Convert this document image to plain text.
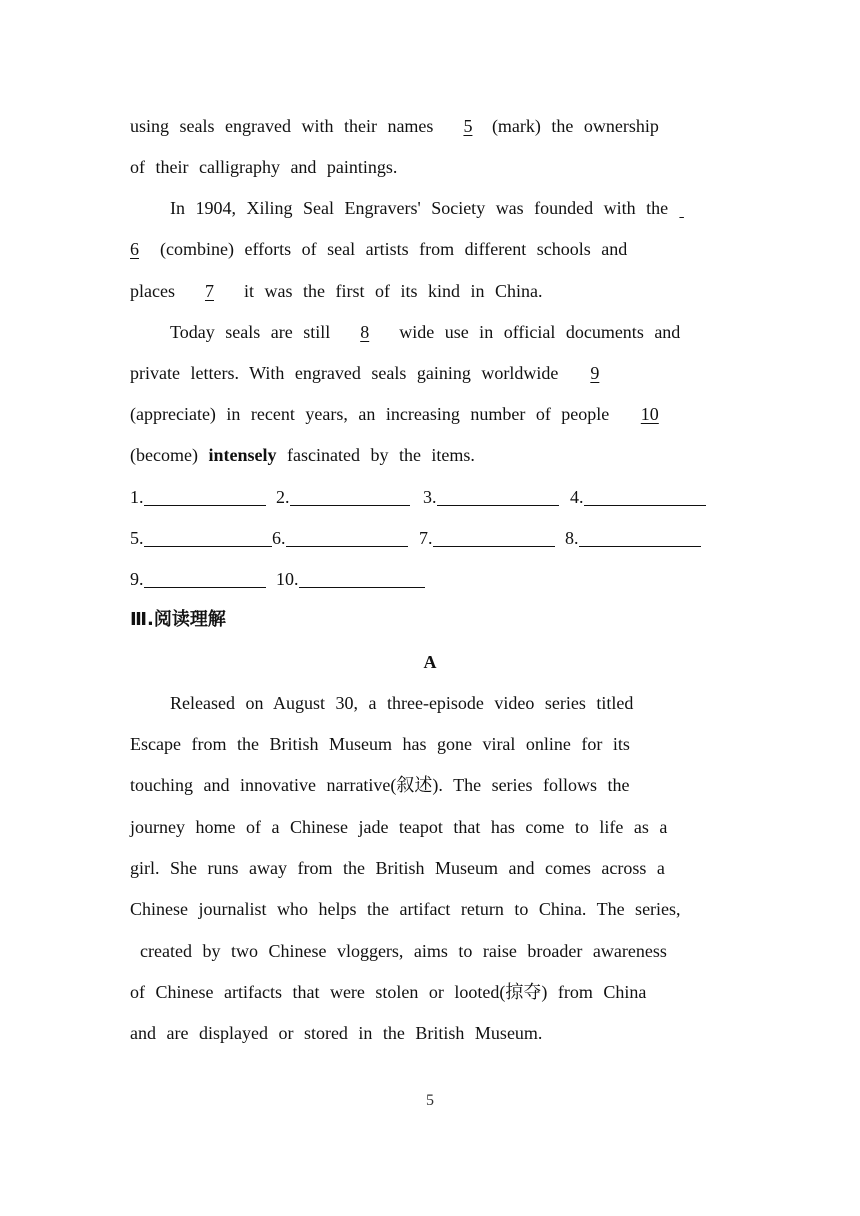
using seals engraved with their names 5 (mark) the ownership
of their calligraphy and paintings.
In 1904, Xiling Seal Engravers' Society was founded with the
6 (combine) efforts of seal artists from different schools and
places 7 it was the first of its kind in China.
Today seals are still 8 wide use in official documents and
private letters. With engraved seals gaining worldwide 9
(appreciate) in recent years, an increasing number of people 10
(become) intensely fascinated by the items.
1.	2.	3.	4.
5.	6.	7.	8.
9.	10.
Ⅲ.阅读理解
A
Released on August 30, a three-episode video series titled
Escape from the British Museum has gone viral online for its
touching and innovative narrative(叙述). The series follows the
journey home of a Chinese jade teapot that has come to life as a
girl. She runs away from the British Museum and comes across a
Chinese journalist who helps the artifact return to China. The series,
created by two Chinese vloggers, aims to raise broader awareness
of Chinese artifacts that were stolen or looted(掠夺) from China
and are displayed or stored in the British Museum.
5
